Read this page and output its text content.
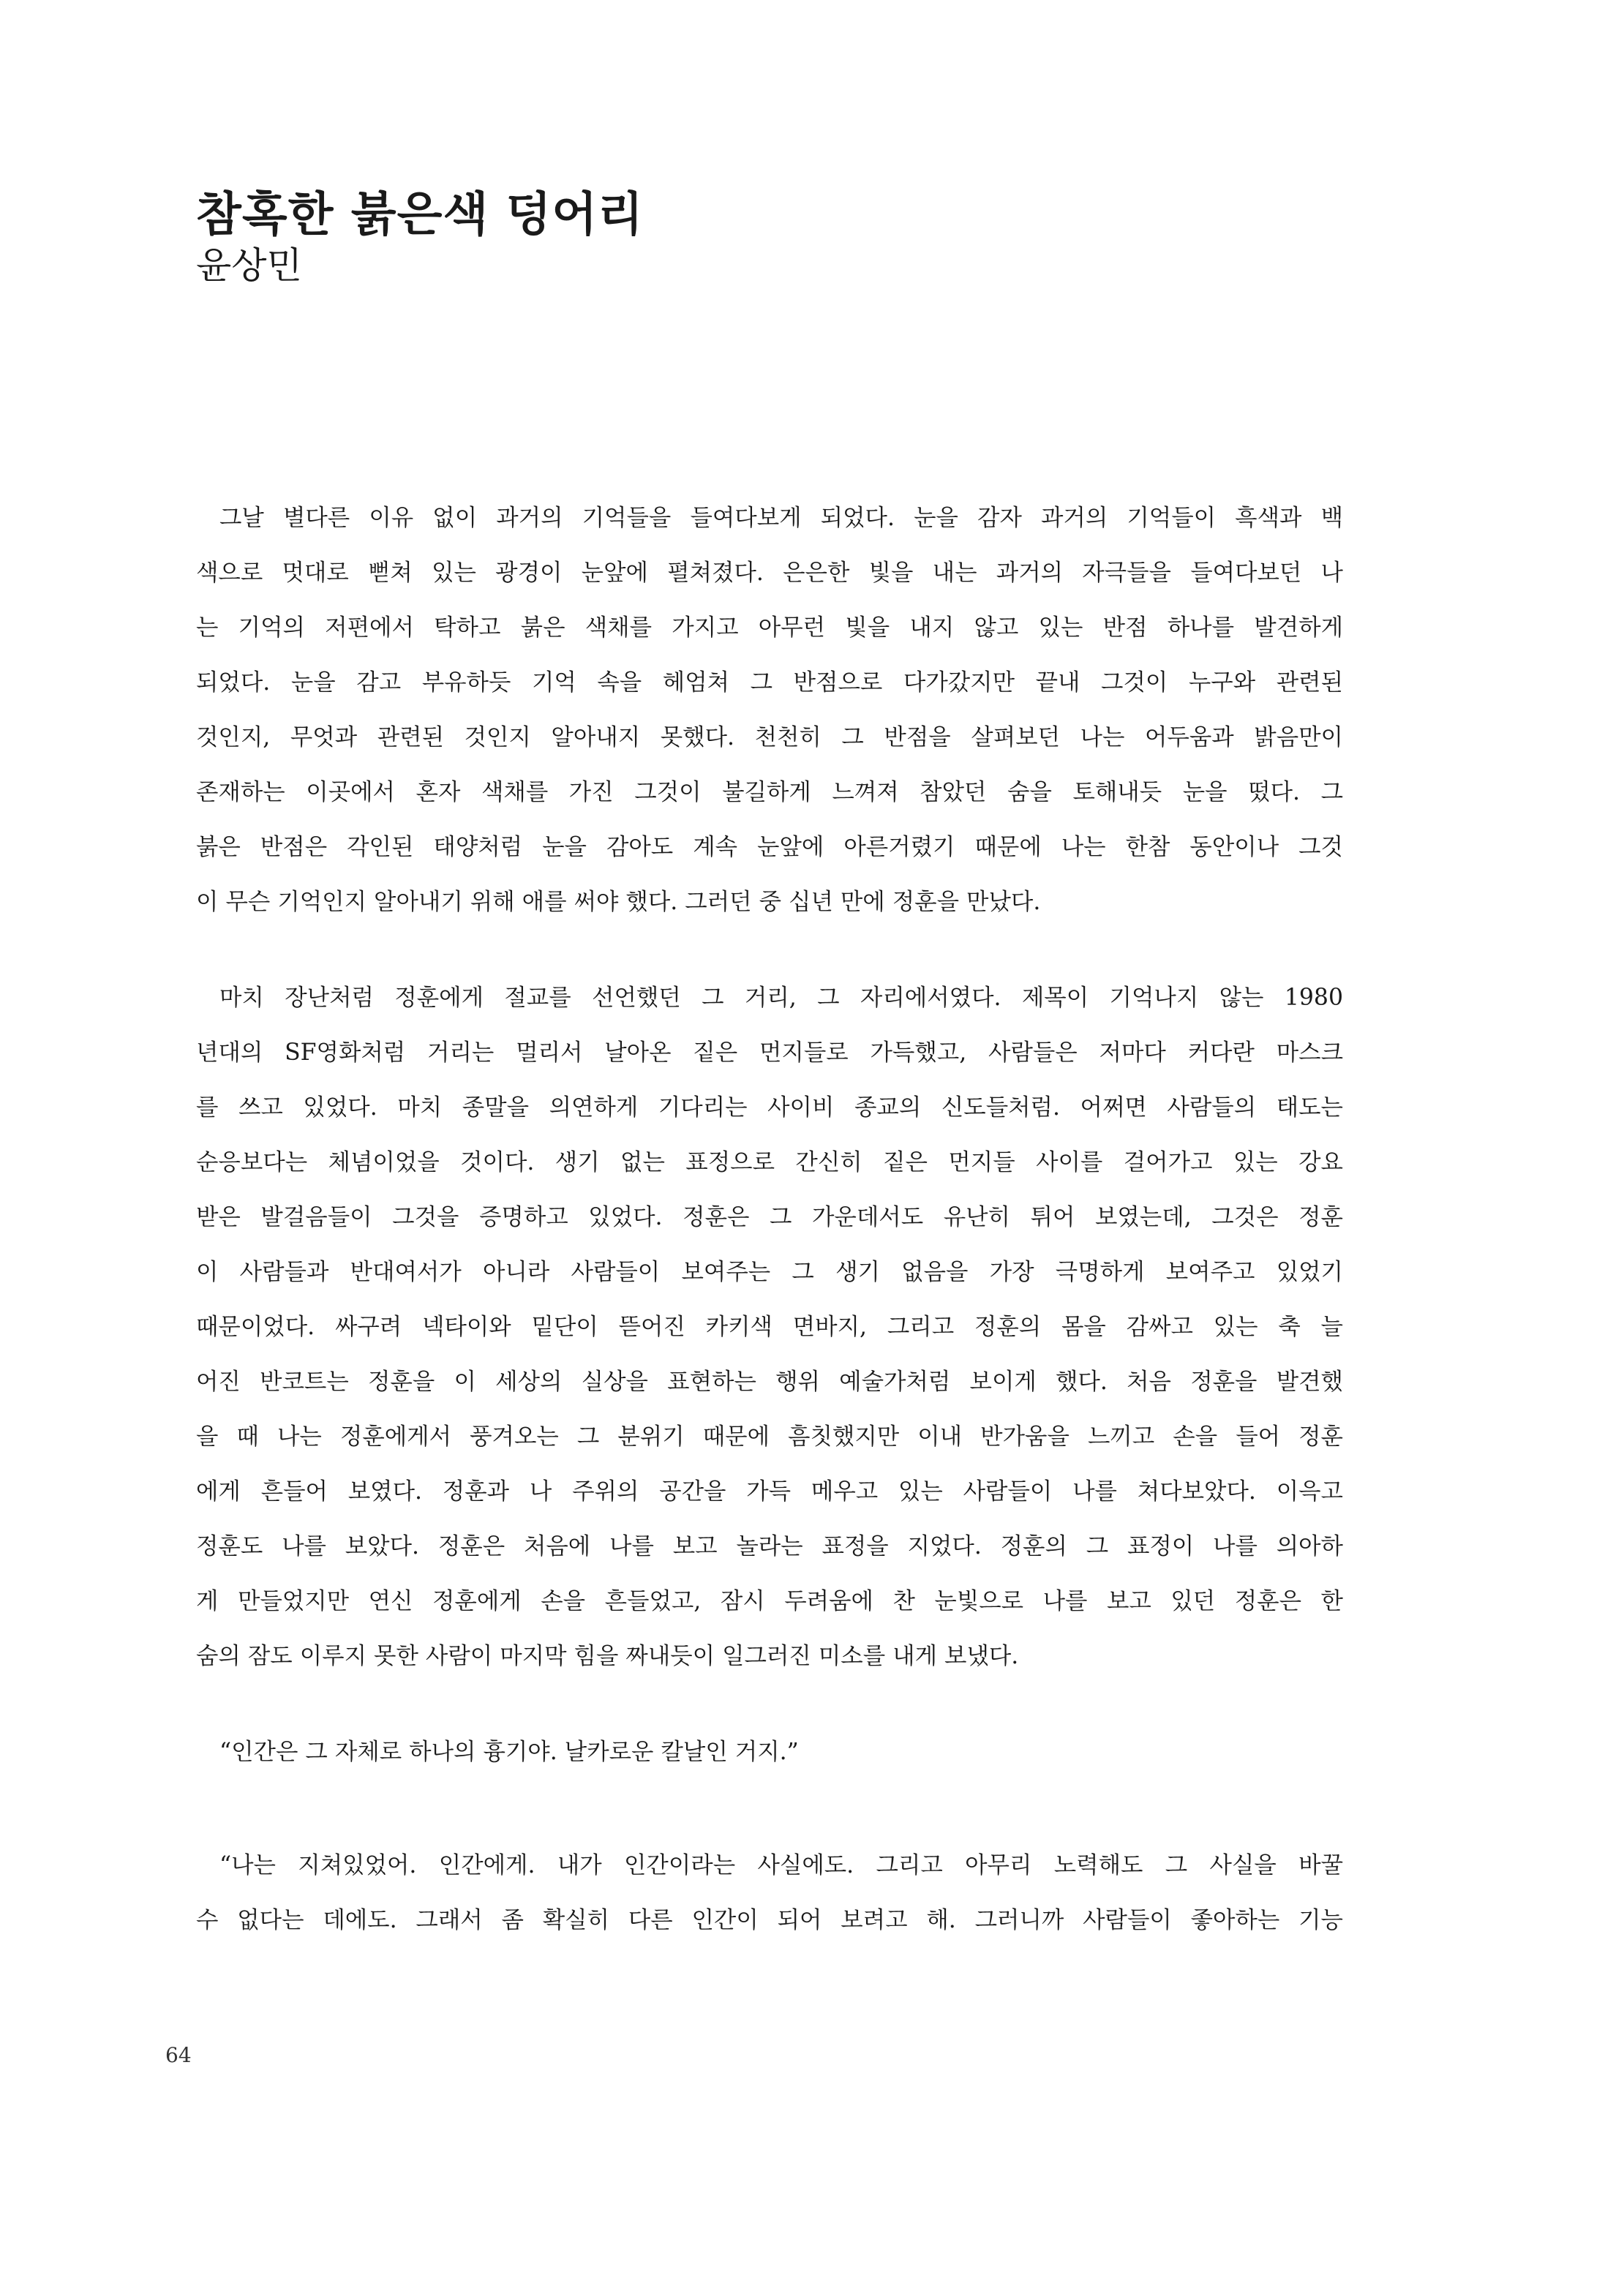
참혹한 붉은색 덩어리
윤상민

그날 별다른 이유 없이 과거의 기억들을 들여다보게 되었다. 눈을 감자 과거의 기억들이 흑색과 백

색으로 멋대로 뻗쳐 있는 광경이 눈앞에 펼쳐졌다. 은은한 빛을 내는 과거의 자극들을 들여다보던 나

는 기억의 저편에서 탁하고 붉은 색채를 가지고 아무런 빛을 내지 않고 있는 반점 하나를 발견하게

되었다. 눈을 감고 부유하듯 기억 속을 헤엄쳐 그 반점으로 다가갔지만 끝내 그것이 누구와 관련된

것인지, 무엇과 관련된 것인지 알아내지 못했다. 천천히 그 반점을 살펴보던 나는 어두움과 밝음만이

존재하는 이곳에서 혼자 색채를 가진 그것이 불길하게 느껴져 참았던 숨을 토해내듯 눈을 떴다. 그

붉은 반점은 각인된 태양처럼 눈을 감아도 계속 눈앞에 아른거렸기 때문에 나는 한참 동안이나 그것

이 무슨 기억인지 알아내기 위해 애를 써야 했다. 그러던 중 십년 만에 정훈을 만났다.

마치 장난처럼 정훈에게 절교를 선언했던 그 거리, 그 자리에서였다. 제목이 기억나지 않는 1980

년대의 SF영화처럼 거리는 멀리서 날아온 짙은 먼지들로 가득했고, 사람들은 저마다 커다란 마스크

를 쓰고 있었다. 마치 종말을 의연하게 기다리는 사이비 종교의 신도들처럼. 어쩌면 사람들의 태도는

순응보다는 체념이었을 것이다. 생기 없는 표정으로 간신히 짙은 먼지들 사이를 걸어가고 있는 강요

받은 발걸음들이 그것을 증명하고 있었다. 정훈은 그 가운데서도 유난히 튀어 보였는데, 그것은 정훈

이 사람들과 반대여서가 아니라 사람들이 보여주는 그 생기 없음을 가장 극명하게 보여주고 있었기

때문이었다. 싸구려 넥타이와 밑단이 뜯어진 카키색 면바지, 그리고 정훈의 몸을 감싸고 있는 축 늘

어진 반코트는 정훈을 이 세상의 실상을 표현하는 행위 예술가처럼 보이게 했다. 처음 정훈을 발견했

을 때 나는 정훈에게서 풍겨오는 그 분위기 때문에 흠칫했지만 이내 반가움을 느끼고 손을 들어 정훈

에게 흔들어 보였다. 정훈과 나 주위의 공간을 가득 메우고 있는 사람들이 나를 쳐다보았다. 이윽고

정훈도 나를 보았다. 정훈은 처음에 나를 보고 놀라는 표정을 지었다. 정훈의 그 표정이 나를 의아하

게 만들었지만 연신 정훈에게 손을 흔들었고, 잠시 두려움에 찬 눈빛으로 나를 보고 있던 정훈은 한

숨의 잠도 이루지 못한 사람이 마지막 힘을 짜내듯이 일그러진 미소를 내게 보냈다.

“인간은 그 자체로 하나의 흉기야. 날카로운 칼날인 거지.”

“나는 지쳐있었어. 인간에게. 내가 인간이라는 사실에도. 그리고 아무리 노력해도 그 사실을 바꿀

수 없다는 데에도. 그래서 좀 확실히 다른 인간이 되어 보려고 해. 그러니까 사람들이 좋아하는 기능

64
